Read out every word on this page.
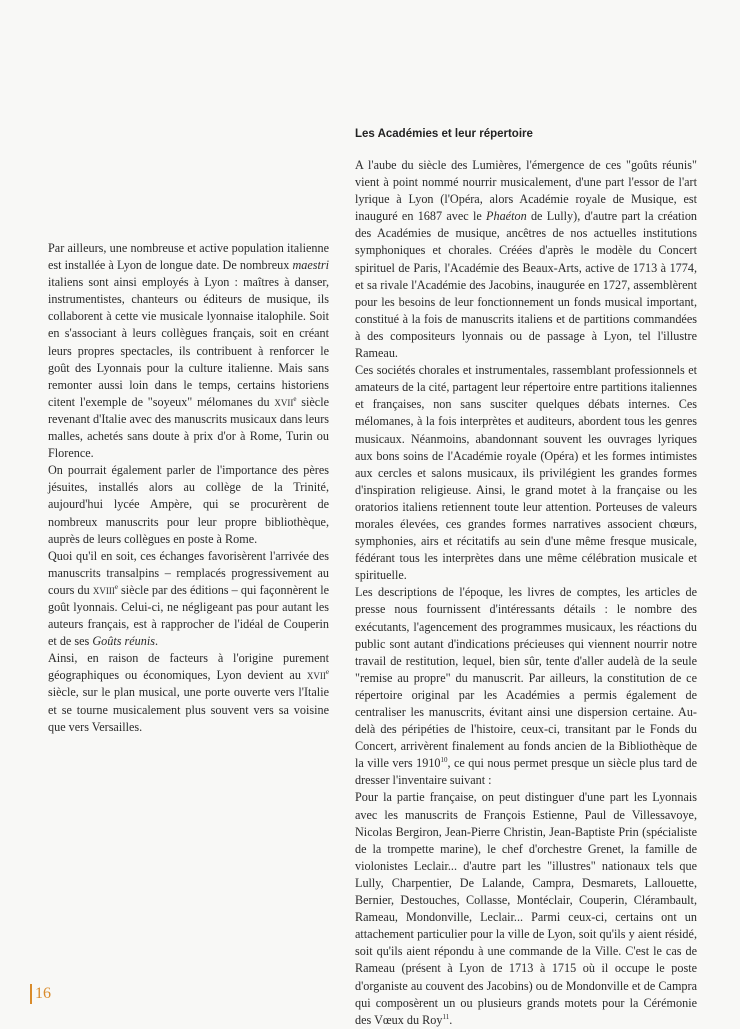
Par ailleurs, une nombreuse et active population italienne est installée à Lyon de longue date. De nombreux maestri italiens sont ainsi employés à Lyon : maîtres à danser, instrumentistes, chanteurs ou éditeurs de musique, ils collaborent à cette vie musicale lyonnaise italophile. Soit en s'associant à leurs collègues français, soit en créant leurs propres spectacles, ils contribuent à renforcer le goût des Lyonnais pour la culture italienne. Mais sans remonter aussi loin dans le temps, certains historiens citent l'exemple de "soyeux" mélomanes du xvii$^e$ siècle revenant d'Italie avec des manuscrits musicaux dans leurs malles, achetés sans doute à prix d'or à Rome, Turin ou Florence.

On pourrait également parler de l'importance des pères jésuites, installés alors au collège de la Trinité, aujourd'hui lycée Ampère, qui se procurèrent de nombreux manuscrits pour leur propre bibliothèque, auprès de leurs collègues en poste à Rome.

Quoi qu'il en soit, ces échanges favorisèrent l'arrivée des manuscrits transalpins – remplacés progressivement au cours du xviii$^e$ siècle par des éditions – qui façonnèrent le goût lyonnais. Celui-ci, ne négligeant pas pour autant les auteurs français, est à rapprocher de l'idéal de Couperin et de ses Goûts réunis.

Ainsi, en raison de facteurs à l'origine purement géographiques ou économiques, Lyon devient au xvii$^e$ siècle, sur le plan musical, une porte ouverte vers l'Italie et se tourne musicalement plus souvent vers sa voisine que vers Versailles.

Les Académies et leur répertoire

A l'aube du siècle des Lumières, l'émergence de ces "goûts réunis" vient à point nommé nourrir musicalement, d'une part l'essor de l'art lyrique à Lyon (l'Opéra, alors Académie royale de Musique, est inauguré en 1687 avec le Phaéton de Lully), d'autre part la création des Académies de musique, ancêtres de nos actuelles institutions symphoniques et chorales. Créées d'après le modèle du Concert spirituel de Paris, l'Académie des Beaux-Arts, active de 1713 à 1774, et sa rivale l'Académie des Jacobins, inaugurée en 1727, assemblèrent pour les besoins de leur fonctionnement un fonds musical important, constitué à la fois de manuscrits italiens et de partitions commandées à des compositeurs lyonnais ou de passage à Lyon, tel l'illustre Rameau.

Ces sociétés chorales et instrumentales, rassemblant professionnels et amateurs de la cité, partagent leur répertoire entre partitions italiennes et françaises, non sans susciter quelques débats internes. Ces mélomanes, à la fois interprètes et auditeurs, abordent tous les genres musicaux. Néanmoins, abandonnant souvent les ouvrages lyriques aux bons soins de l'Académie royale (Opéra) et les formes intimistes aux cercles et salons musicaux, ils privilégient les grandes formes d'inspiration religieuse. Ainsi, le grand motet à la française ou les oratorios italiens retiennent toute leur attention. Porteuses de valeurs morales élevées, ces grandes formes narratives associent chœurs, symphonies, airs et récitatifs au sein d'une même fresque musicale, fédérant tous les interprètes dans une même célébration musicale et spirituelle.

Les descriptions de l'époque, les livres de comptes, les articles de presse nous fournissent d'intéressants détails : le nombre des exécutants, l'agencement des programmes musicaux, les réactions du public sont autant d'indications précieuses qui viennent nourrir notre travail de restitution, lequel, bien sûr, tente d'aller audelà de la seule "remise au propre" du manuscrit. Par ailleurs, la constitution de ce répertoire original par les Académies a permis également de centraliser les manuscrits, évitant ainsi une dispersion certaine. Au-delà des péripéties de l'histoire, ceux-ci, transitant par le Fonds du Concert, arrivèrent finalement au fonds ancien de la Bibliothèque de la ville vers 1910$^{10}$, ce qui nous permet presque un siècle plus tard de dresser l'inventaire suivant :

Pour la partie française, on peut distinguer d'une part les Lyonnais avec les manuscrits de François Estienne, Paul de Villessavoye, Nicolas Bergiron, Jean-Pierre Christin, Jean-Baptiste Prin (spécialiste de la trompette marine), le chef d'orchestre Grenet, la famille de violonistes Leclair... d'autre part les "illustres" nationaux tels que Lully, Charpentier, De Lalande, Campra, Desmarets, Lallouette, Bernier, Destouches, Collasse, Montéclair, Couperin, Clérambault, Rameau, Mondonville, Leclair... Parmi ceux-ci, certains ont un attachement particulier pour la ville de Lyon, soit qu'ils y aient résidé, soit qu'ils aient répondu à une commande de la Ville. C'est le cas de Rameau (présent à Lyon de 1713 à 1715 où il occupe le poste d'organiste au couvent des Jacobins) ou de Mondonville et de Campra qui composèrent un ou plusieurs grands motets pour la Cérémonie des Vœux du Roy$^{11}$.

16
